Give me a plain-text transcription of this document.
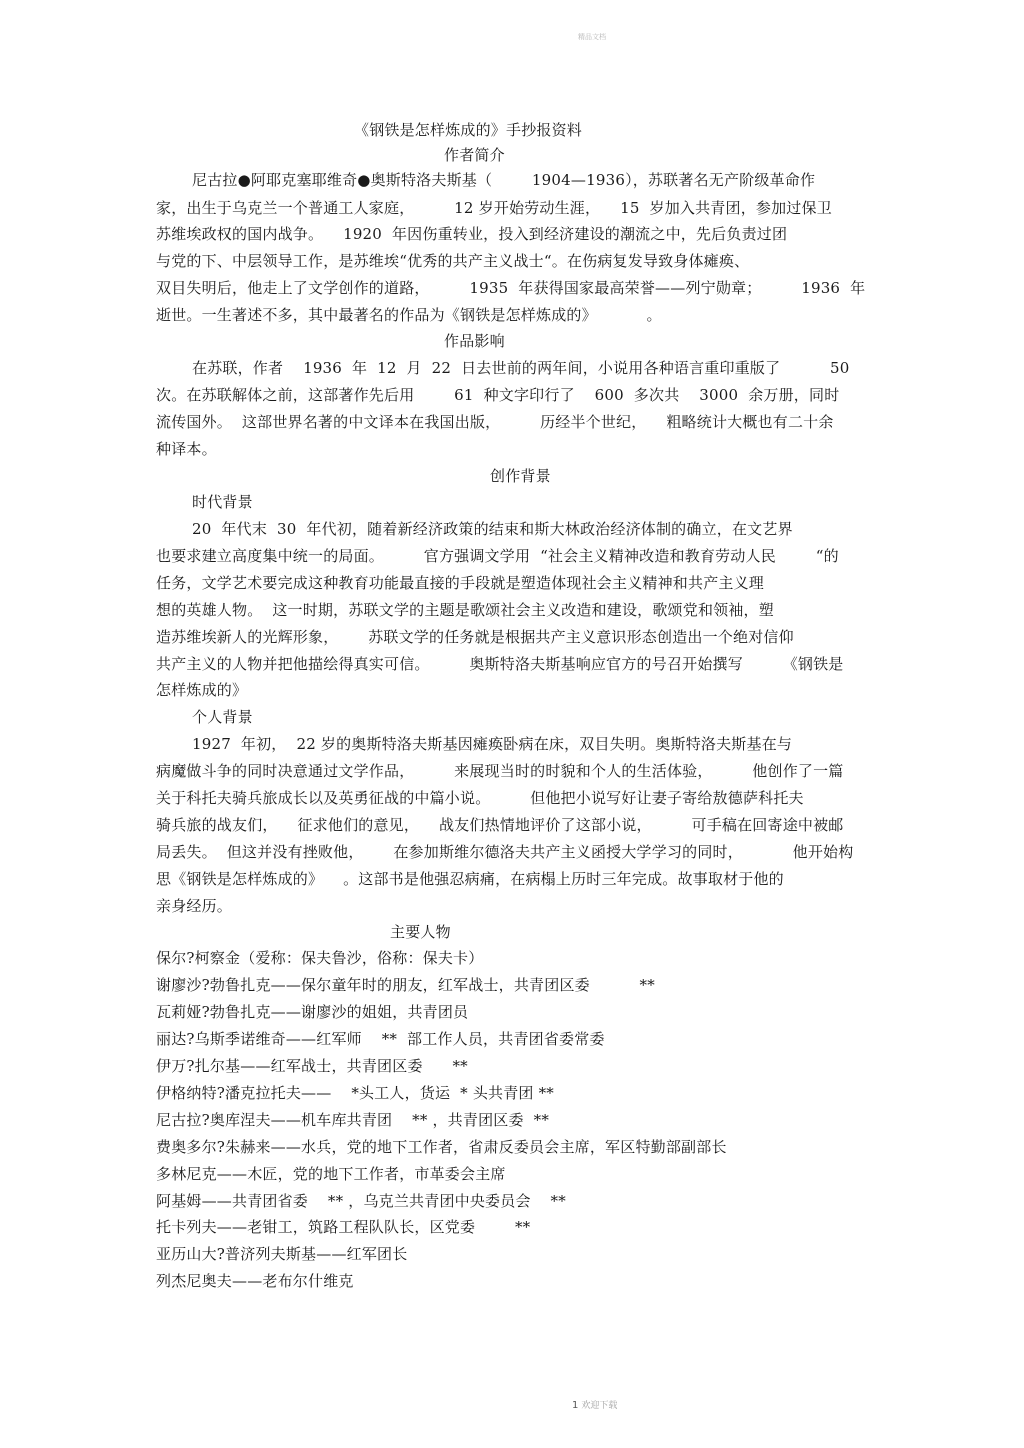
精品文档
《钢铁是怎样炼成的》手抄报资料
作者简介
尼古拉●阿耶克塞耶维奇●奥斯特洛夫斯基（        1904—1936），苏联著名无产阶级革命作
家，出生于乌克兰一个普通工人家庭，        12 岁开始劳动生涯，    15  岁加入共青团，参加过保卫
苏维埃政权的国内战争。    1920  年因伤重转业，投入到经济建设的潮流之中，先后负责过团
与党的下、中层领导工作，是苏维埃“优秀的共产主义战士“。在伤病复发导致身体瘫痪、
双目失明后，他走上了文学创作的道路，        1935  年获得国家最高荣誉——列宁勋章；        1936  年
逝世。一生著述不多，其中最著名的作品为《钢铁是怎样炼成的》          。
作品影响
在苏联，作者    1936  年  12  月  22  日去世前的两年间，小说用各种语言重印重版了          50
次。在苏联解体之前，这部著作先后用        61  种文字印行了    600  多次共    3000  余万册，同时
流传国外。  这部世界名著的中文译本在我国出版，        历经半个世纪，    粗略统计大概也有二十余
种译本。
创作背景
时代背景
20  年代末  30  年代初，随着新经济政策的结束和斯大林政治经济体制的确立，在文艺界
也要求建立高度集中统一的局面。        官方强调文学用  “社会主义精神改造和教育劳动人民        “的
任务，文学艺术要完成这种教育功能最直接的手段就是塑造体现社会主义精神和共产主义理
想的英雄人物。  这一时期，苏联文学的主题是歌颂社会主义改造和建设，歌颂党和领袖，塑
造苏维埃新人的光辉形象，      苏联文学的任务就是根据共产主义意识形态创造出一个绝对信仰
共产主义的人物并把他描绘得真实可信。        奥斯特洛夫斯基响应官方的号召开始撰写        《钢铁是
怎样炼成的》
个人背景
1927  年初，  22 岁的奥斯特洛夫斯基因瘫痪卧病在床，双目失明。奥斯特洛夫斯基在与
病魔做斗争的同时决意通过文学作品，        来展现当时的时貌和个人的生活体验，        他创作了一篇
关于科托夫骑兵旅成长以及英勇征战的中篇小说。        但他把小说写好让妻子寄给敖德萨科托夫
骑兵旅的战友们，    征求他们的意见，    战友们热情地评价了这部小说，        可手稿在回寄途中被邮
局丢失。  但这并没有挫败他，      在参加斯维尔德洛夫共产主义函授大学学习的同时，          他开始构
思《钢铁是怎样炼成的》    。这部书是他强忍病痛，在病榻上历时三年完成。故事取材于他的
亲身经历。
主要人物
保尔?柯察金（爱称：保夫鲁沙，俗称：保夫卡）
谢廖沙?勃鲁扎克——保尔童年时的朋友，红军战士，共青团区委          **
瓦莉娅?勃鲁扎克——谢廖沙的姐姐，共青团员
丽达?乌斯季诺维奇——红军师    **  部工作人员，共青团省委常委
伊万?扎尔基——红军战士，共青团区委      **
伊格纳特?潘克拉托夫——    *头工人，货运  * 头共青团 **
尼古拉?奥库涅夫——机车库共青团    ** ，共青团区委  **
费奥多尔?朱赫来——水兵，党的地下工作者，省肃反委员会主席，军区特勤部副部长
多林尼克——木匠，党的地下工作者，市革委会主席
阿基姆——共青团省委    ** ，乌克兰共青团中央委员会    **
托卡列夫——老钳工，筑路工程队队长，区党委        **
亚历山大?普济列夫斯基——红军团长
列杰尼奥夫——老布尔什维克
1 欢迎下载
